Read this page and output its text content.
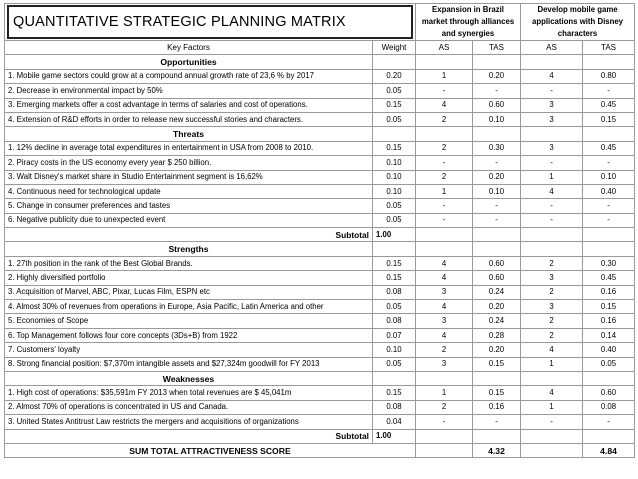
QUANTITATIVE STRATEGIC PLANNING MATRIX		Expansion in Brazil market through alliances and synergies		Develop mobile game applications with Disney characters	
Key Factors	Weight	AS	TAS	AS	TAS
Opportunities					
1. Mobile game sectors could grow at a compound annual growth rate of 23,6 % by 2017	0.20	1	0.20	4	0.80
2. Decrease in environmental impact by 50%	0.05	-	-	-	-
3. Emerging markets offer a cost advantage in terms of salaries and cost of operations.	0.15	4	0.60	3	0.45
4. Extension of R&D efforts in order to release new successful stories and characters.	0.05	2	0.10	3	0.15
Threats					
1. 12% decline in average total expenditures in entertainment in USA from 2008 to 2010.	0.15	2	0.30	3	0.45
2. Piracy costs in the US economy every year $ 250 billion.	0.10	-	-	-	-
3. Walt Disney's market share in Studio Entertainment segment is 16,62%	0.10	2	0.20	1	0.10
4. Continuous need for technological update	0.10	1	0.10	4	0.40
5. Change in consumer preferences and tastes	0.05	-	-	-	-
6. Negative publicity due to unexpected event	0.05	-	-	-	-
Subtotal	1.00				
Strengths					
1. 27th position in the rank of the Best Global Brands.	0.15	4	0.60	2	0.30
2. Highly diversified portfolio	0.15	4	0.60	3	0.45
3. Acquisition of Marvel, ABC, Pixar, Lucas Film, ESPN etc	0.08	3	0.24	2	0.16
4. Almost 30% of revenues from operations in Europe, Asia Pacific, Latin America and other	0.05	4	0.20	3	0.15
5. Economies of Scope	0.08	3	0.24	2	0.16
6. Top Management follows four core concepts (3Ds+B) from 1922	0.07	4	0.28	2	0.14
7. Customers' loyalty	0.10	2	0.20	4	0.40
8. Strong financial position: $7,370m intangible assets and $27,324m goodwill for FY 2013	0.05	3	0.15	1	0.05
Weaknesses					
1. High cost of operations: $35,591m FY 2013 when total revenues are $ 45,041m	0.15	1	0.15	4	0.60
2. Almost 70% of operations is concentrated in US and Canada.	0.08	2	0.16	1	0.08
3. United States Antitrust Law restricts the mergers and acquisitions of organizations	0.04	-	-	-	-
Subtotal	1.00				
SUM TOTAL ATTRACTIVENESS SCORE			4.32		4.84
